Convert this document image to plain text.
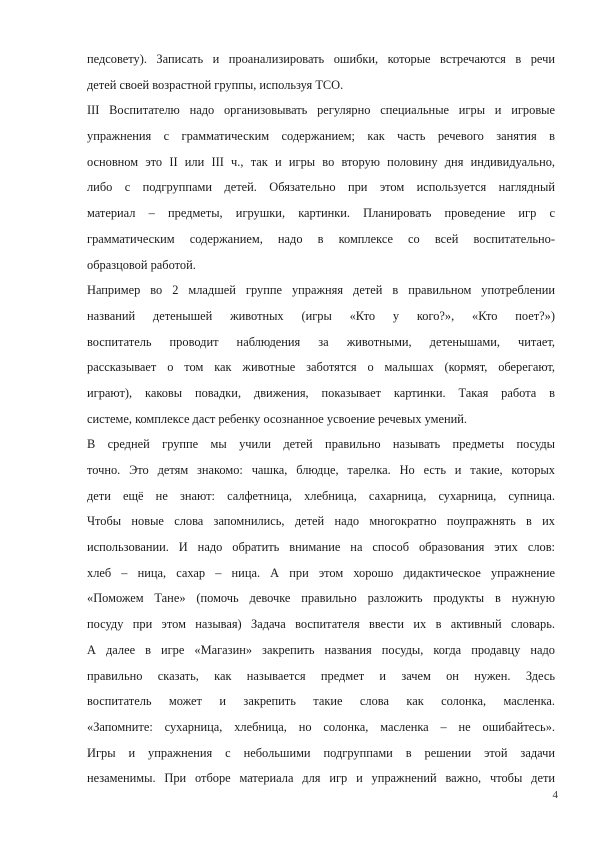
педсовету). Записать и проанализировать ошибки, которые встречаются в речи
детей своей возрастной группы, используя ТСО.
III Воспитателю надо организовывать регулярно специальные игры и игровые
упражнения с грамматическим содержанием; как часть речевого занятия в
основном это II или III ч., так и игры во вторую половину дня индивидуально,
либо с подгруппами детей. Обязательно при этом используется наглядный
материал – предметы, игрушки, картинки. Планировать проведение игр с
грамматическим содержанием, надо в комплексе со всей воспитательно-
образцовой работой.
Например во 2 младшей группе упражняя детей в правильном употреблении
названий детенышей животных (игры «Кто у кого?», «Кто поет?»)
воспитатель проводит наблюдения за животными, детенышами, читает,
рассказывает о том как животные заботятся о малышах (кормят, оберегают,
играют), каковы повадки, движения, показывает картинки. Такая работа в
системе, комплексе даст ребенку осознанное усвоение речевых умений.
В средней группе мы учили детей правильно называть предметы посуды
точно. Это детям знакомо: чашка, блюдце, тарелка. Но есть и такие, которых
дети ещё не знают: салфетница, хлебница, сахарница, сухарница, супница.
Чтобы новые слова запомнились, детей надо многократно поупражнять в их
использовании. И надо обратить внимание на способ образования этих слов:
хлеб – ница, сахар – ница. А при этом хорошо дидактическое упражнение
«Поможем Тане» (помочь девочке правильно разложить продукты в нужную
посуду при этом называя) Задача воспитателя ввести их в активный словарь.
А далее в игре «Магазин» закрепить названия посуды, когда продавцу надо
правильно сказать, как называется предмет и зачем он нужен. Здесь
воспитатель может и закрепить такие слова как солонка, масленка.
«Запомните: сухарница, хлебница, но солонка, масленка – не ошибайтесь».
Игры и упражнения с небольшими подгруппами в решении этой задачи
незаменимы. При отборе материала для игр и упражнений важно, чтобы дети
4
